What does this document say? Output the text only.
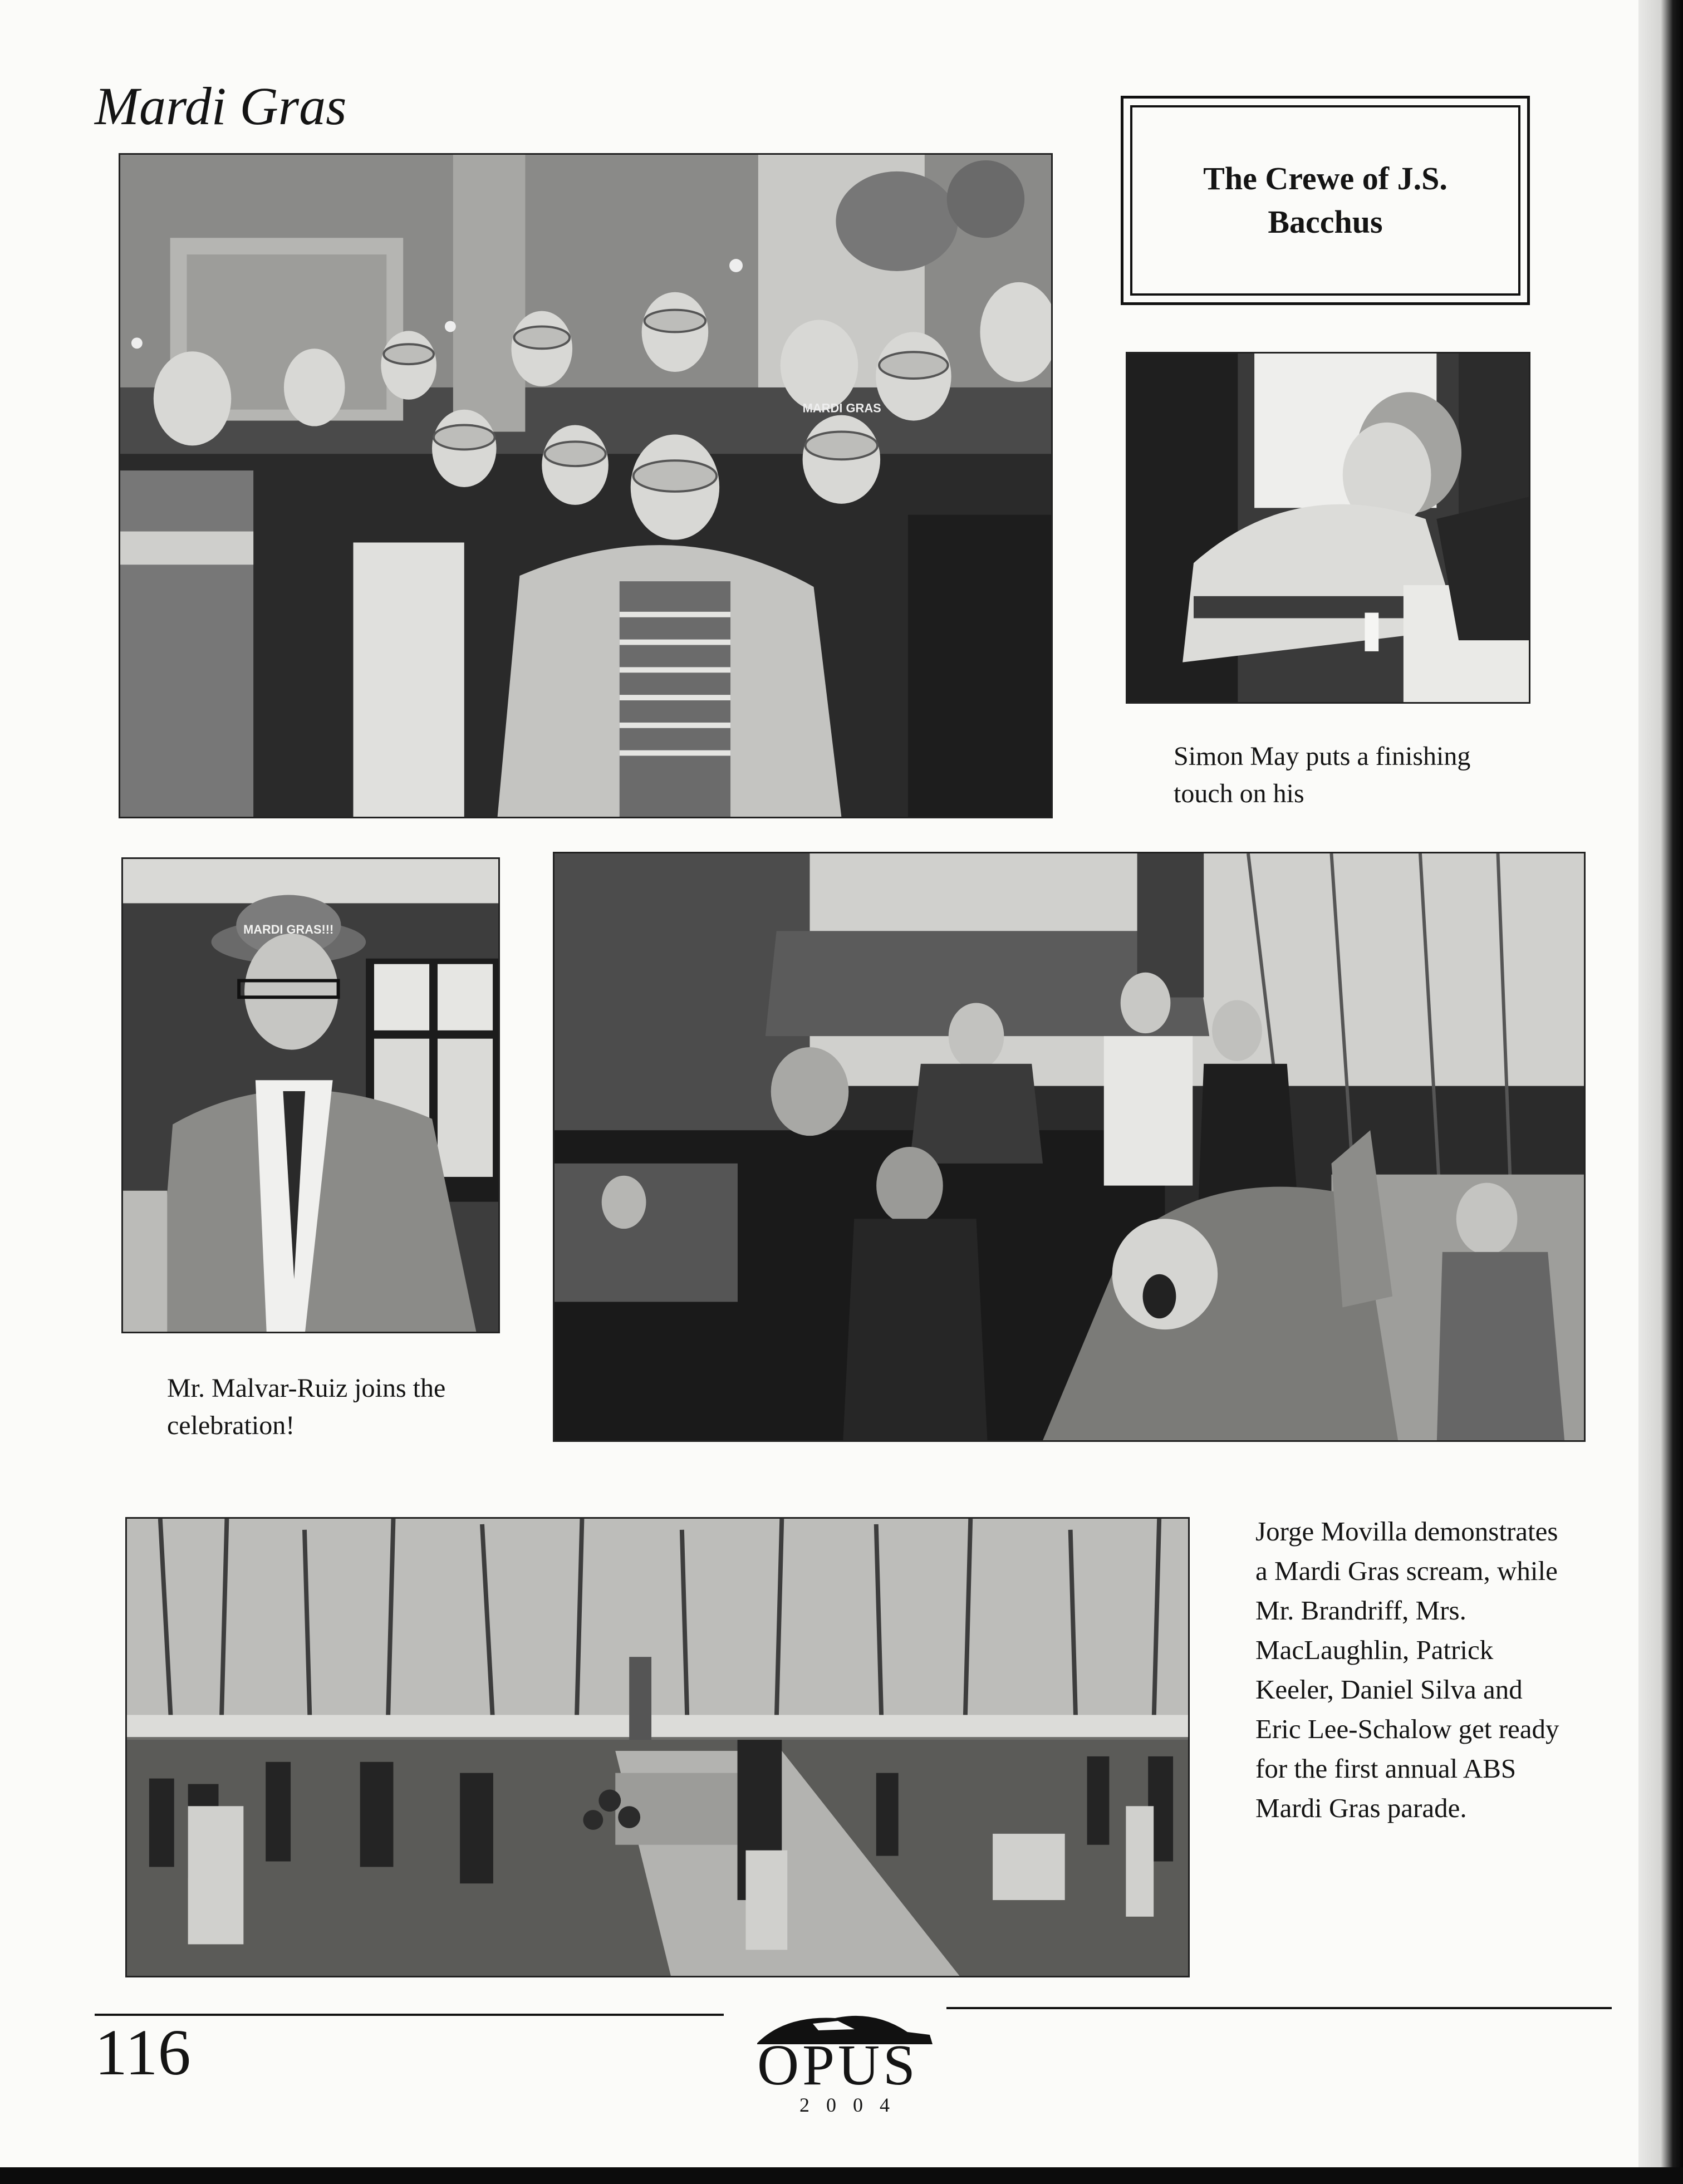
Mardi Gras
The Crewe of J.S. Bacchus
MARDI GRAS
MARDI GRAS!!!
Simon May puts a finishing touch on his
Mr. Malvar-Ruiz joins the celebration!
Jorge Movilla demonstrates a Mardi Gras scream, while Mr. Brandriff, Mrs. MacLaughlin, Patrick Keeler, Daniel Silva and Eric Lee-Schalow get ready for the first annual ABS Mardi Gras parade.
116	OPUS
2004
